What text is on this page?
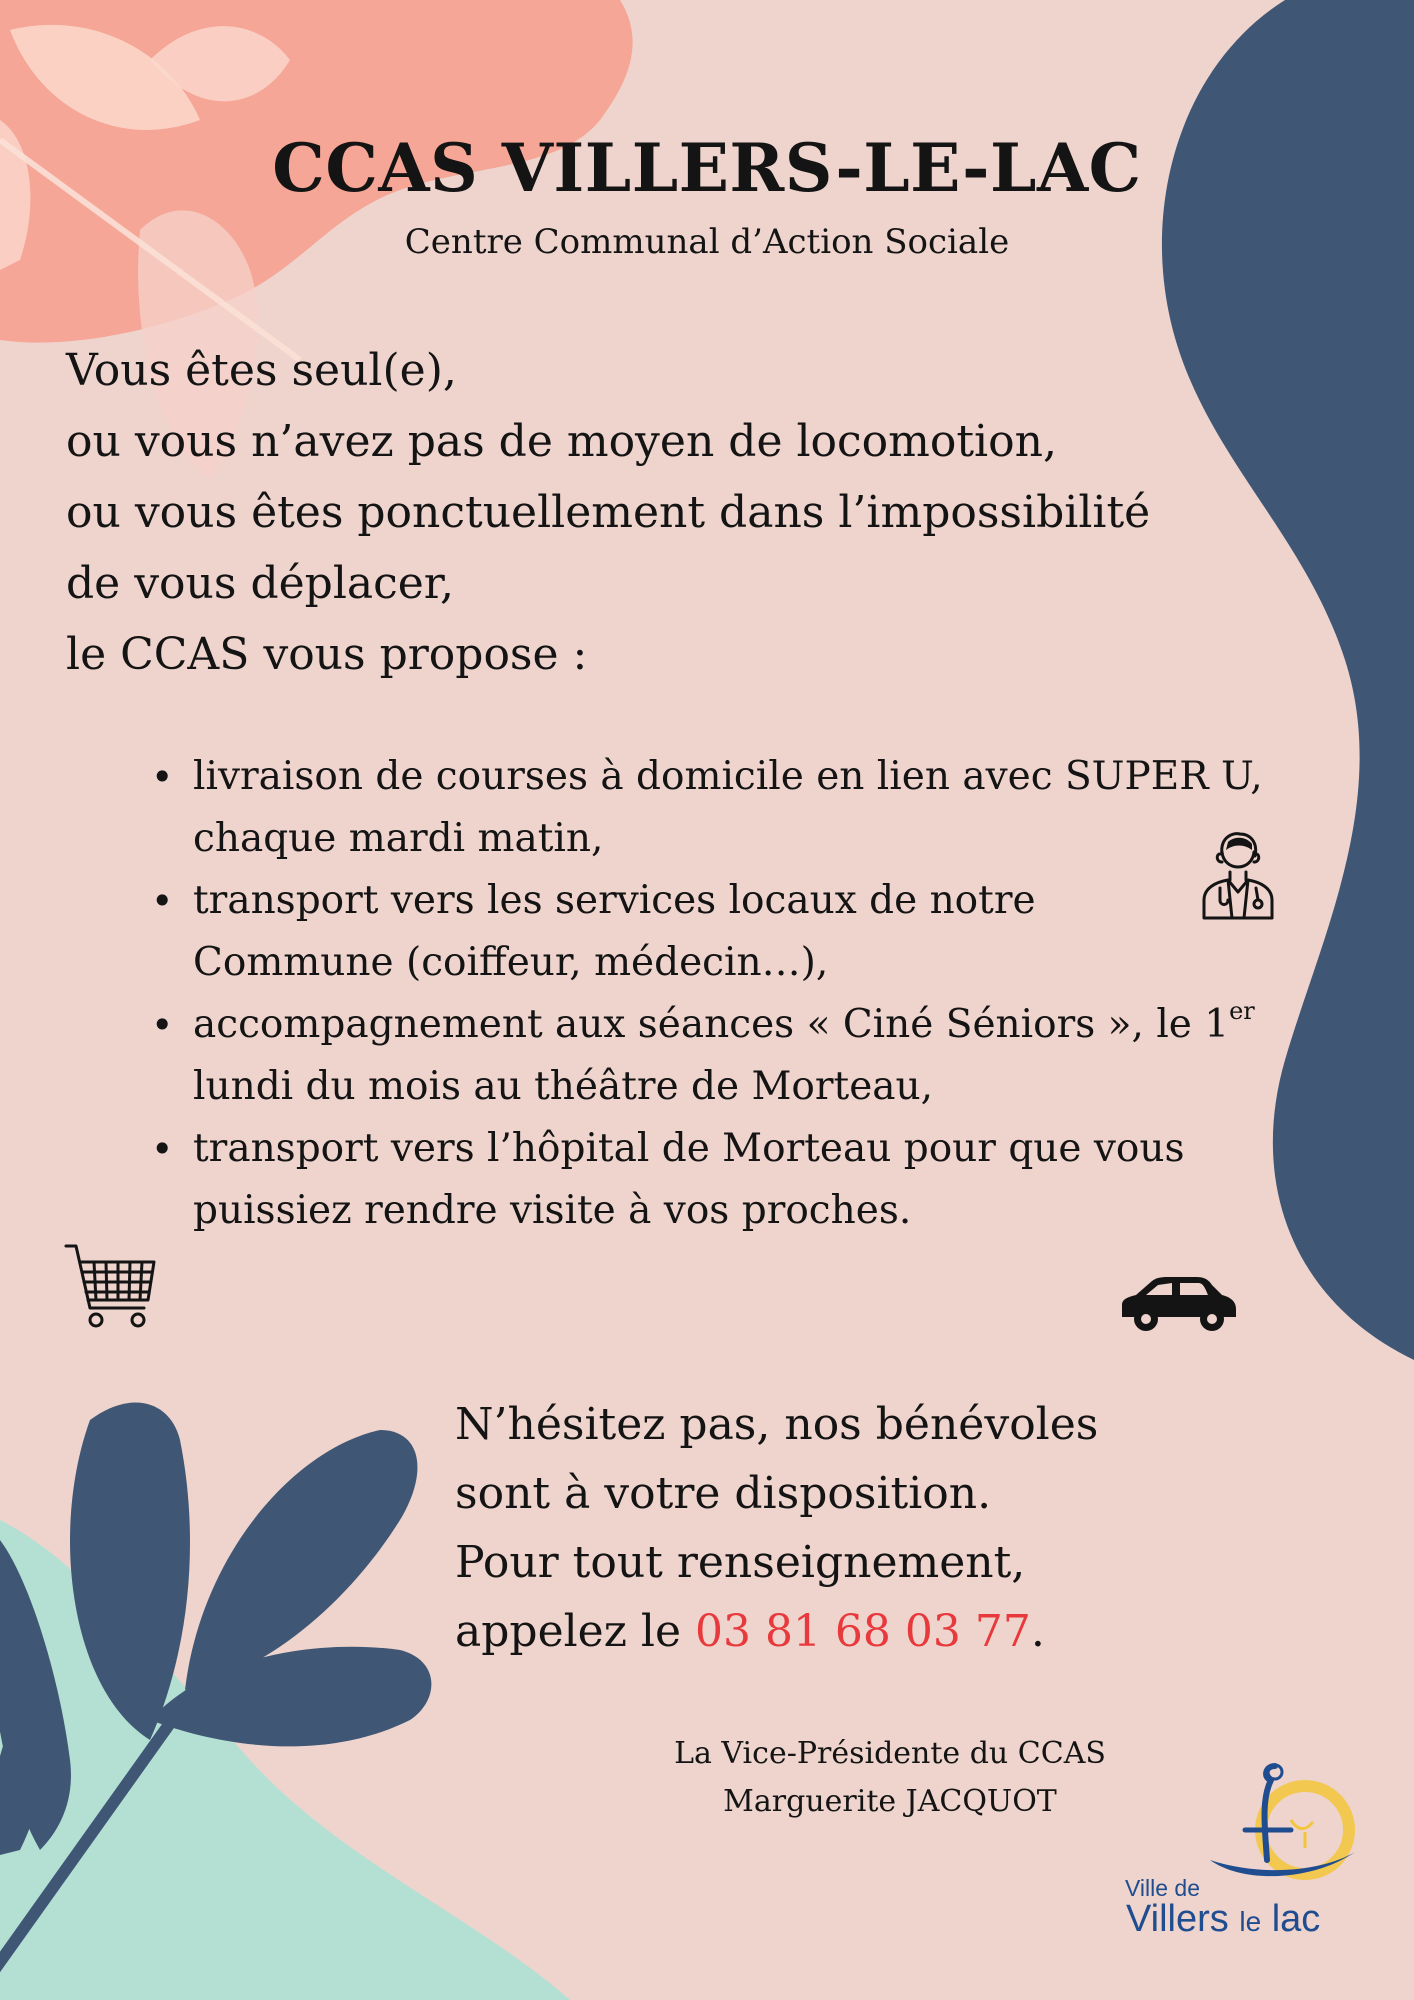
CCAS VILLERS-LE-LAC
Centre Communal d’Action Sociale
Vous êtes seul(e),
ou vous n’avez pas de moyen de locomotion,
ou vous êtes ponctuellement dans l’impossibilité
de vous déplacer,
le CCAS vous propose :
• livraison de courses à domicile en lien avec SUPER U,
chaque mardi matin,
• transport vers les services locaux de notre
Commune (coiffeur, médecin…),
• accompagnement aux séances « Ciné Séniors », le 1er
lundi du mois au théâtre de Morteau,
• transport vers l’hôpital de Morteau pour que vous
puissiez rendre visite à vos proches.
N’hésitez pas, nos bénévoles
sont à votre disposition.
Pour tout renseignement,
appelez le 03 81 68 03 77.
La Vice-Présidente du CCAS
Marguerite JACQUOT
Ville de
Villers le lac
